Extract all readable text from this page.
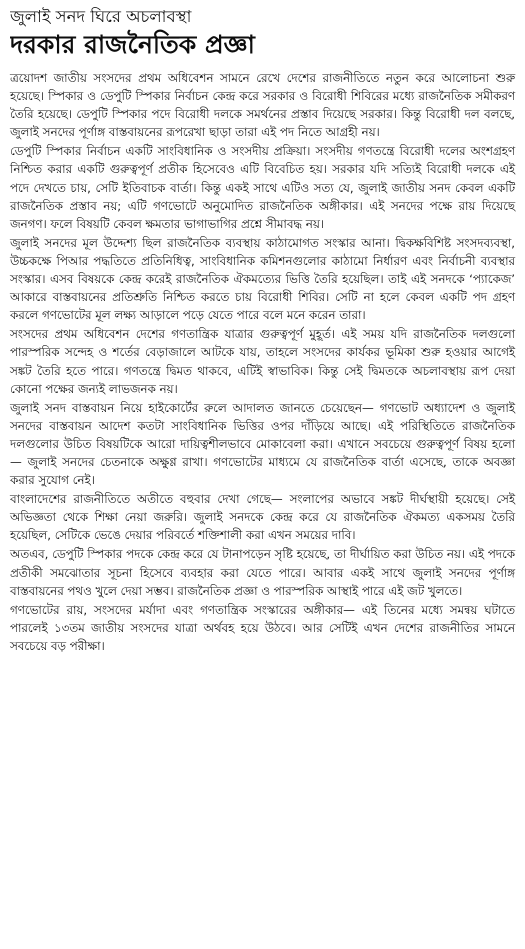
জুলাই সনদ ঘিরে অচলাবস্থা
দরকার রাজনৈতিক প্রজ্ঞা

ত্রয়োদশ জাতীয় সংসদের প্রথম অধিবেশন সামনে রেখে দেশের রাজনীতিতে নতুন করে আলোচনা শুরু হয়েছে। স্পিকার ও ডেপুটি স্পিকার নির্বাচন কেন্দ্র করে সরকার ও বিরোধী শিবিরের মধ্যে রাজনৈতিক সমীকরণ তৈরি হয়েছে। ডেপুটি স্পিকার পদে বিরোধী দলকে সমর্থনের প্রস্তাব দিয়েছে সরকার। কিন্তু বিরোধী দল বলছে, জুলাই সনদের পূর্ণাঙ্গ বাস্তবায়নের রূপরেখা ছাড়া তারা এই পদ নিতে আগ্রহী নয়।

ডেপুটি স্পিকার নির্বাচন একটি সাংবিধানিক ও সংসদীয় প্রক্রিয়া। সংসদীয় গণতন্ত্রে বিরোধী দলের অংশগ্রহণ নিশ্চিত করার একটি গুরুত্বপূর্ণ প্রতীক হিসেবেও এটি বিবেচিত হয়। সরকার যদি সত্যিই বিরোধী দলকে এই পদে দেখতে চায়, সেটি ইতিবাচক বার্তা। কিন্তু একই সাথে এটিও সত্য যে, জুলাই জাতীয় সনদ কেবল একটি রাজনৈতিক প্রস্তাব নয়; এটি গণভোটে অনুমোদিত রাজনৈতিক অঙ্গীকার। এই সনদের পক্ষে রায় দিয়েছে জনগণ। ফলে বিষয়টি কেবল ক্ষমতার ভাগাভাগির প্রশ্নে সীমাবদ্ধ নয়।

জুলাই সনদের মূল উদ্দেশ্য ছিল রাজনৈতিক ব্যবস্থায় কাঠামোগত সংস্কার আনা। দ্বিকক্ষবিশিষ্ট সংসদব্যবস্থা, উচ্চকক্ষে পিআর পদ্ধতিতে প্রতিনিধিত্ব, সাংবিধানিক কমিশনগুলোর কাঠামো নির্ধারণ এবং নির্বাচনী ব্যবস্থার সংস্কার। এসব বিষয়কে কেন্দ্র করেই রাজনৈতিক ঐকমত্যের ভিত্তি তৈরি হয়েছিল। তাই এই সনদকে ‘প্যাকেজ’ আকারে বাস্তবায়নের প্রতিশ্রুতি নিশ্চিত করতে চায় বিরোধী শিবির। সেটি না হলে কেবল একটি পদ গ্রহণ করলে গণভোটের মূল লক্ষ্য আড়ালে পড়ে যেতে পারে বলে মনে করেন তারা।

সংসদের প্রথম অধিবেশন দেশের গণতান্ত্রিক যাত্রার গুরুত্বপূর্ণ মুহূর্ত। এই সময় যদি রাজনৈতিক দলগুলো পারস্পরিক সন্দেহ ও শর্তের বেড়াজালে আটকে যায়, তাহলে সংসদের কার্যকর ভূমিকা শুরু হওয়ার আগেই সঙ্কট তৈরি হতে পারে। গণতন্ত্রে দ্বিমত থাকবে, এটিই স্বাভাবিক। কিন্তু সেই দ্বিমতকে অচলাবস্থায় রূপ দেয়া কোনো পক্ষের জন্যই লাভজনক নয়।

জুলাই সনদ বাস্তবায়ন নিয়ে হাইকোর্টের রুলে আদালত জানতে চেয়েছেন— গণভোট অধ্যাদেশ ও জুলাই সনদের বাস্তবায়ন আদেশ কতটা সাংবিধানিক ভিত্তির ওপর দাঁড়িয়ে আছে। এই পরিস্থিতিতে রাজনৈতিক দলগুলোর উচিত বিষয়টিকে আরো দায়িত্বশীলভাবে মোকাবেলা করা। এখানে সবচেয়ে গুরুত্বপূর্ণ বিষয় হলো— জুলাই সনদের চেতনাকে অক্ষুণ্ণ রাখা। গণভোটের মাধ্যমে যে রাজনৈতিক বার্তা এসেছে, তাকে অবজ্ঞা করার সুযোগ নেই।

বাংলাদেশের রাজনীতিতে অতীতে বহুবার দেখা গেছে— সংলাপের অভাবে সঙ্কট দীর্ঘস্থায়ী হয়েছে। সেই অভিজ্ঞতা থেকে শিক্ষা নেয়া জরুরি। জুলাই সনদকে কেন্দ্র করে যে রাজনৈতিক ঐকমত্য একসময় তৈরি হয়েছিল, সেটিকে ভেঙে দেয়ার পরিবর্তে শক্তিশালী করা এখন সময়ের দাবি।

অতএব, ডেপুটি স্পিকার পদকে কেন্দ্র করে যে টানাপড়েন সৃষ্টি হয়েছে, তা দীর্ঘায়িত করা উচিত নয়। এই পদকে প্রতীকী সমঝোতার সূচনা হিসেবে ব্যবহার করা যেতে পারে। আবার একই সাথে জুলাই সনদের পূর্ণাঙ্গ বাস্তবায়নের পথও খুলে দেয়া সম্ভব। রাজনৈতিক প্রজ্ঞা ও পারস্পরিক আস্থাই পারে এই জট খুলতে।

গণভোটের রায়, সংসদের মর্যাদা এবং গণতান্ত্রিক সংস্কারের অঙ্গীকার— এই তিনের মধ্যে সমন্বয় ঘটাতে পারলেই ১৩তম জাতীয় সংসদের যাত্রা অর্থবহ হয়ে উঠবে। আর সেটিই এখন দেশের রাজনীতির সামনে সবচেয়ে বড় পরীক্ষা।
